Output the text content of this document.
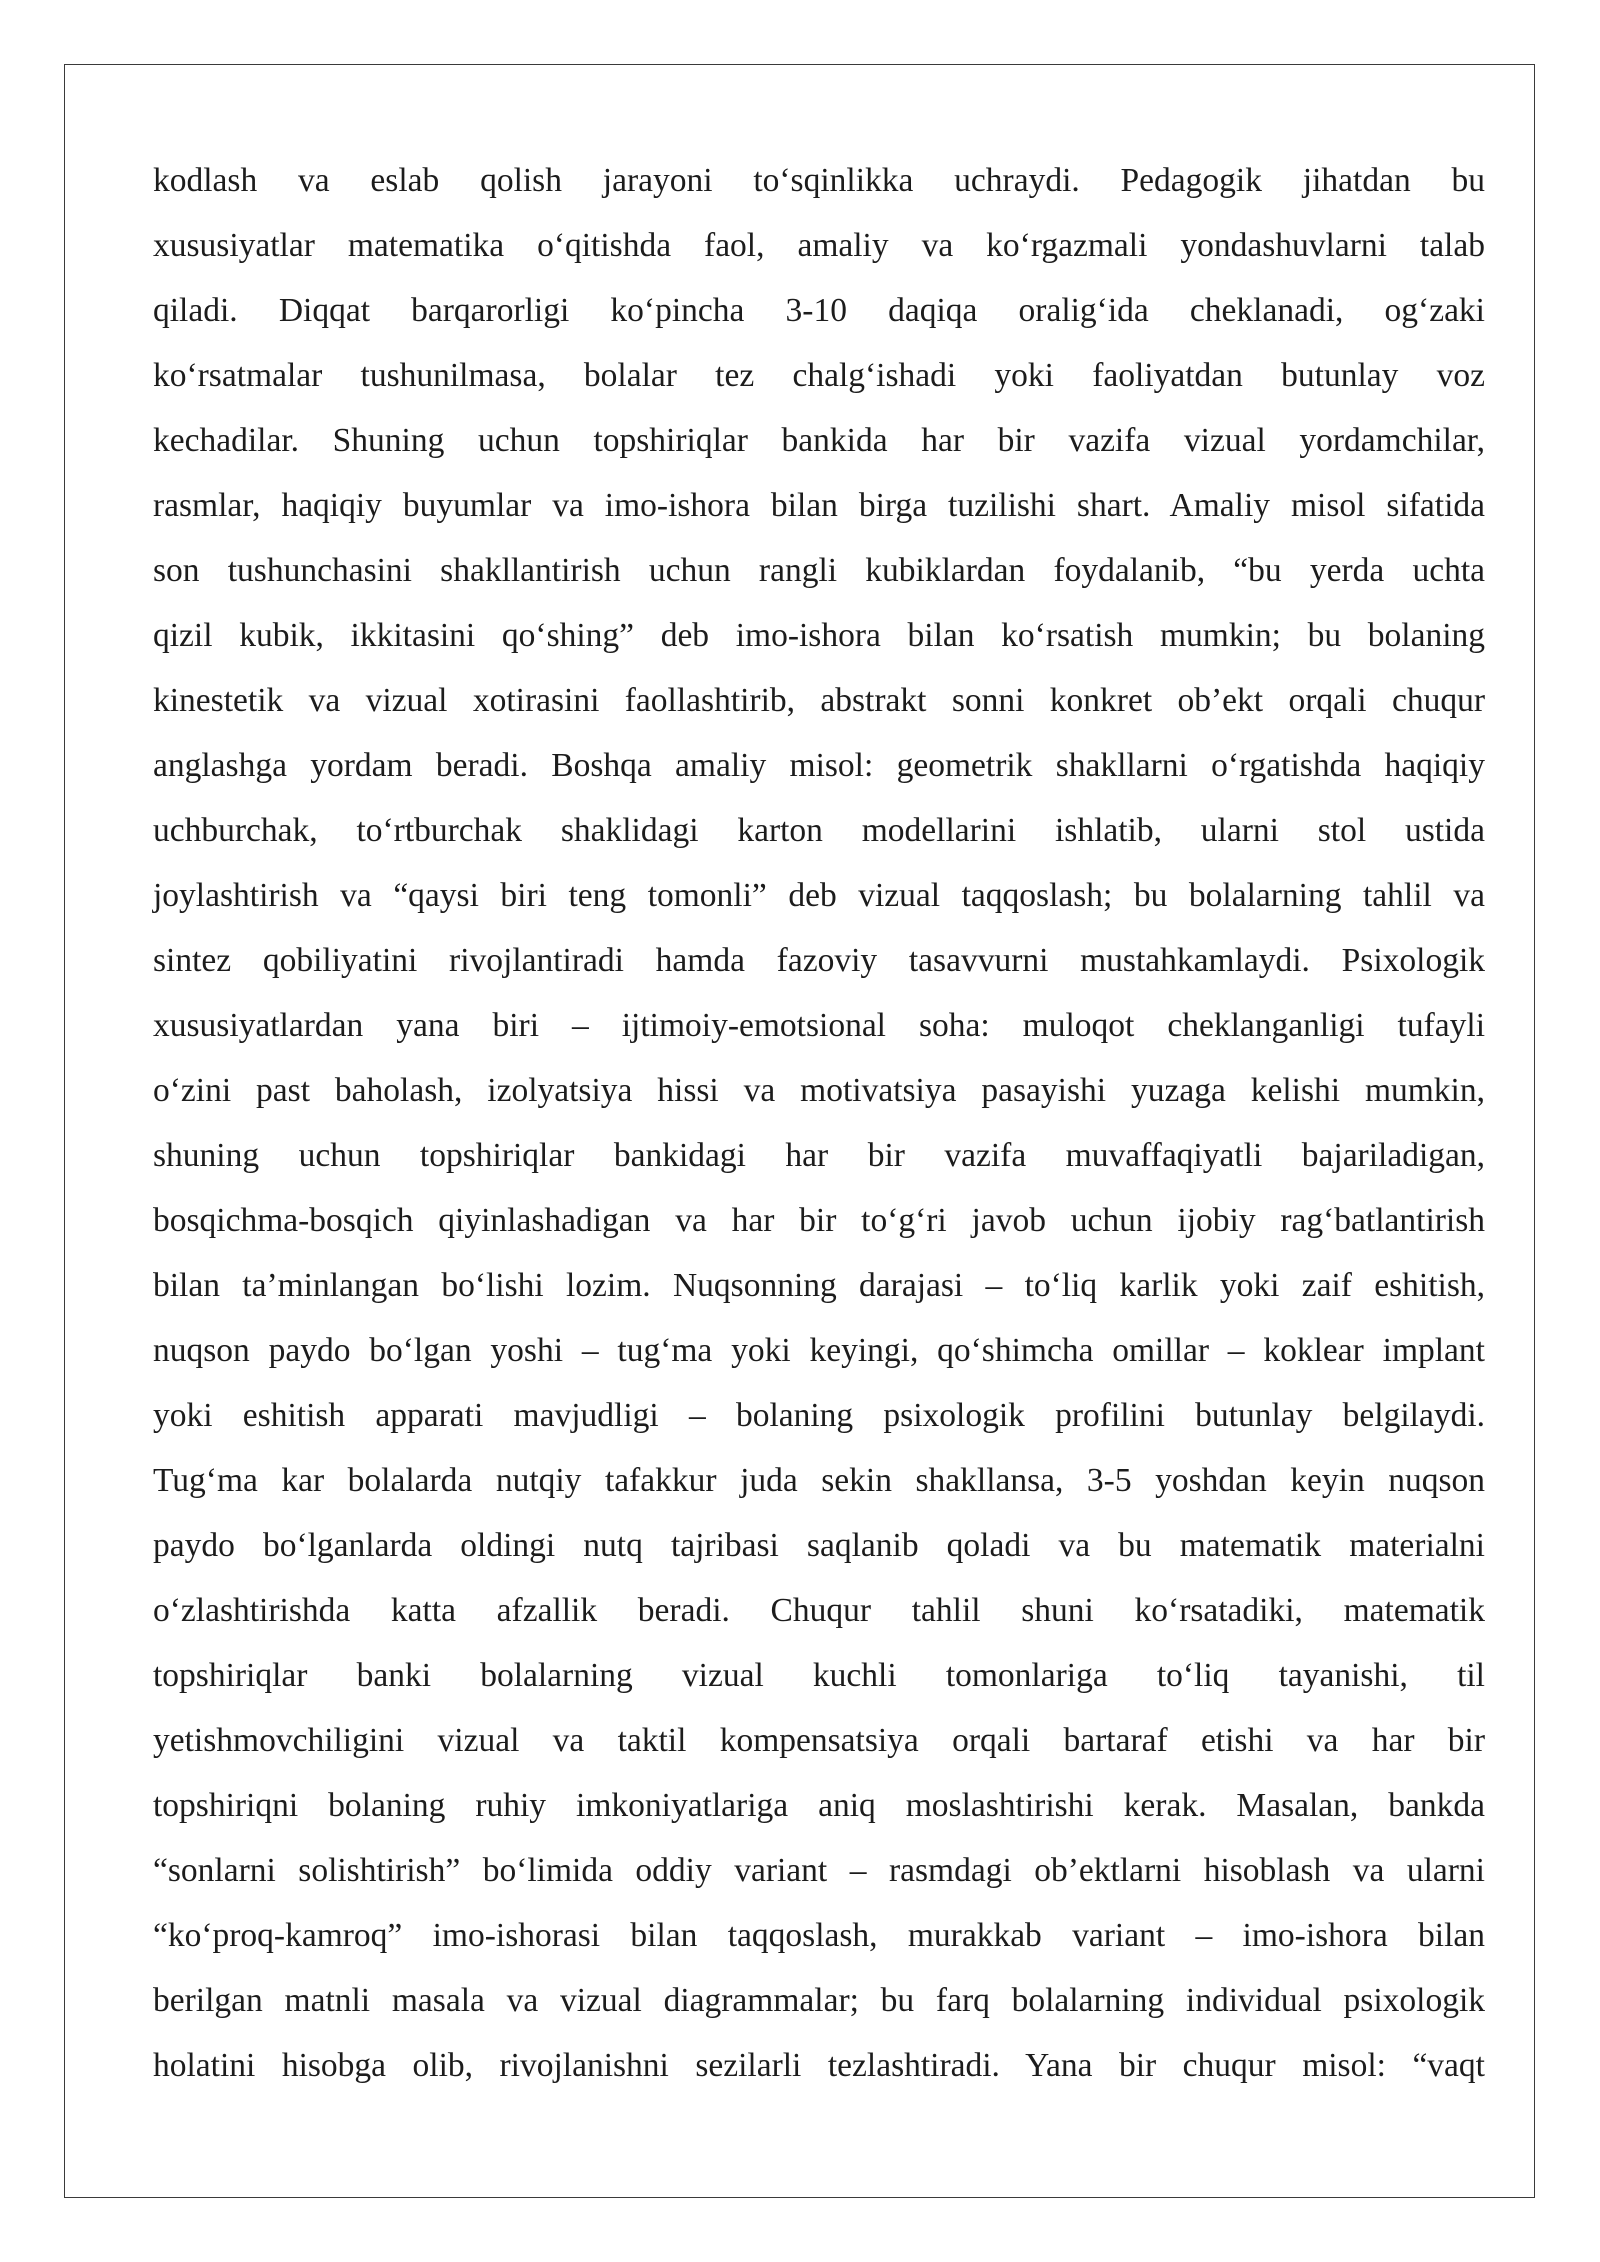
kodlash va eslab qolish jarayoni to‘sqinlikka uchraydi. Pedagogik jihatdan bu
xususiyatlar matematika o‘qitishda faol, amaliy va ko‘rgazmali yondashuvlarni talab
qiladi. Diqqat barqarorligi ko‘pincha 3-10 daqiqa oralig‘ida cheklanadi, og‘zaki
ko‘rsatmalar tushunilmasa, bolalar tez chalg‘ishadi yoki faoliyatdan butunlay voz
kechadilar. Shuning uchun topshiriqlar bankida har bir vazifa vizual yordamchilar,
rasmlar, haqiqiy buyumlar va imo-ishora bilan birga tuzilishi shart. Amaliy misol sifatida
son tushunchasini shakllantirish uchun rangli kubiklardan foydalanib, “bu yerda uchta
qizil kubik, ikkitasini qo‘shing” deb imo-ishora bilan ko‘rsatish mumkin; bu bolaning
kinestetik va vizual xotirasini faollashtirib, abstrakt sonni konkret ob’ekt orqali chuqur
anglashga yordam beradi. Boshqa amaliy misol: geometrik shakllarni o‘rgatishda haqiqiy
uchburchak, to‘rtburchak shaklidagi karton modellarini ishlatib, ularni stol ustida
joylashtirish va “qaysi biri teng tomonli” deb vizual taqqoslash; bu bolalarning tahlil va
sintez qobiliyatini rivojlantiradi hamda fazoviy tasavvurni mustahkamlaydi. Psixologik
xususiyatlardan yana biri – ijtimoiy-emotsional soha: muloqot cheklanganligi tufayli
o‘zini past baholash, izolyatsiya hissi va motivatsiya pasayishi yuzaga kelishi mumkin,
shuning uchun topshiriqlar bankidagi har bir vazifa muvaffaqiyatli bajariladigan,
bosqichma-bosqich qiyinlashadigan va har bir to‘g‘ri javob uchun ijobiy rag‘batlantirish
bilan ta’minlangan bo‘lishi lozim. Nuqsonning darajasi – to‘liq karlik yoki zaif eshitish,
nuqson paydo bo‘lgan yoshi – tug‘ma yoki keyingi, qo‘shimcha omillar – koklear implant
yoki eshitish apparati mavjudligi – bolaning psixologik profilini butunlay belgilaydi.
Tug‘ma kar bolalarda nutqiy tafakkur juda sekin shakllansa, 3-5 yoshdan keyin nuqson
paydo bo‘lganlarda oldingi nutq tajribasi saqlanib qoladi va bu matematik materialni
o‘zlashtirishda katta afzallik beradi. Chuqur tahlil shuni ko‘rsatadiki, matematik
topshiriqlar banki bolalarning vizual kuchli tomonlariga to‘liq tayanishi, til
yetishmovchiligini vizual va taktil kompensatsiya orqali bartaraf etishi va har bir
topshiriqni bolaning ruhiy imkoniyatlariga aniq moslashtirishi kerak. Masalan, bankda
“sonlarni solishtirish” bo‘limida oddiy variant – rasmdagi ob’ektlarni hisoblash va ularni
“ko‘proq-kamroq” imo-ishorasi bilan taqqoslash, murakkab variant – imo-ishora bilan
berilgan matnli masala va vizual diagrammalar; bu farq bolalarning individual psixologik
holatini hisobga olib, rivojlanishni sezilarli tezlashtiradi. Yana bir chuqur misol: “vaqt
